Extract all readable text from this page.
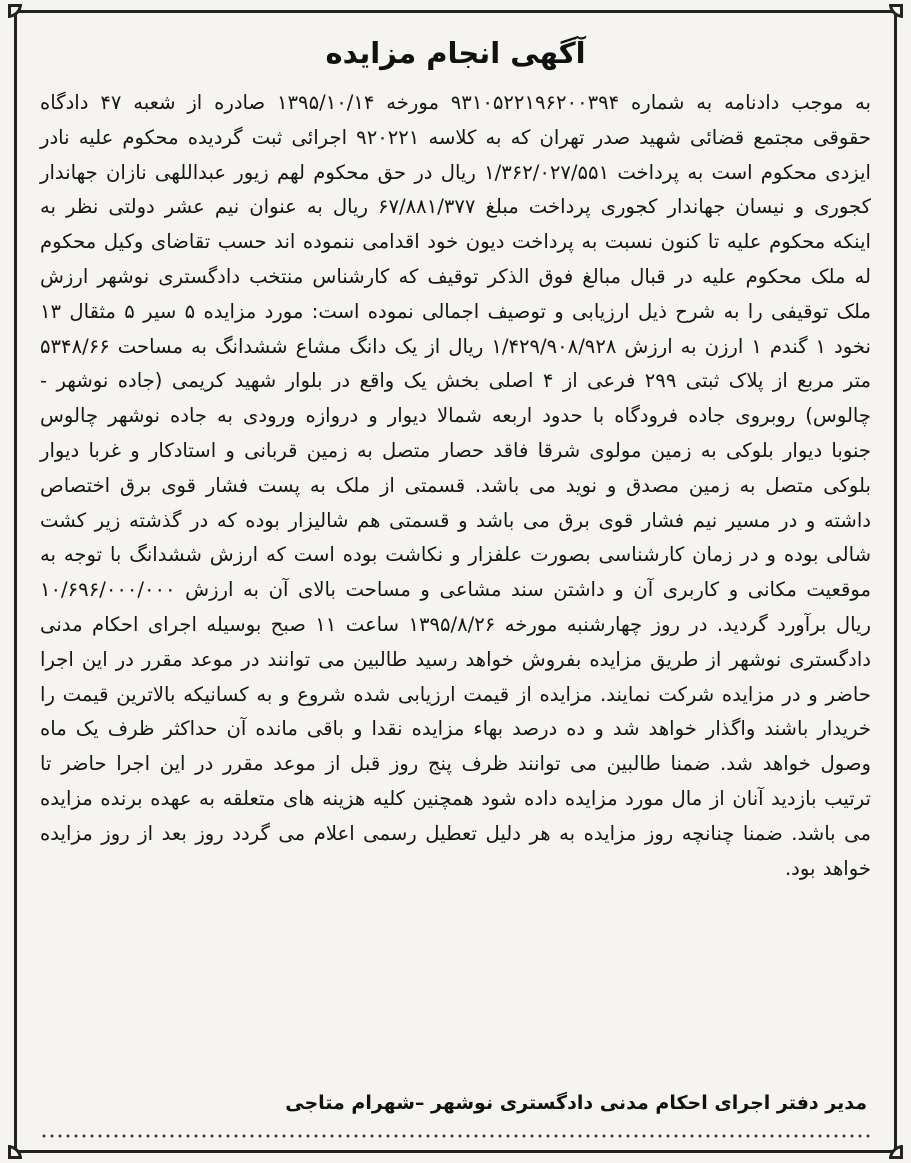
آگهی انجام مزایده

به موجب دادنامه به شماره ۹۳۱۰۵۲۲۱۹۶۲۰۰۳۹۴ مورخه ۱۳۹۵/۱۰/۱۴ صادره از شعبه ۴۷ دادگاه حقوقی مجتمع قضائی شهید صدر تهران که به کلاسه ۹۲۰۲۲۱ اجرائی ثبت گردیده محکوم علیه نادر ایزدی محکوم است به پرداخت ۱/۳۶۲/۰۲۷/۵۵۱ ریال در حق محکوم لهم زیور عبداللهی نازان جهاندار کجوری و نیسان جهاندار کجوری پرداخت مبلغ ۶۷/۸۸۱/۳۷۷ ریال به عنوان نیم عشر دولتی نظر به اینکه محکوم علیه تا کنون نسبت به پرداخت دیون خود اقدامی ننموده اند حسب تقاضای وکیل محکوم له ملک محکوم علیه در قبال مبالغ فوق الذکر توقیف که کارشناس منتخب دادگستری نوشهر ارزش ملک توقیفی را به شرح ذیل ارزیابی و توصیف اجمالی نموده است: مورد مزایده ۵ سیر ۵ مثقال ۱۳ نخود ۱ گندم ۱ ارزن به ارزش ۱/۴۲۹/۹۰۸/۹۲۸ ریال از یک دانگ مشاع ششدانگ به مساحت ۵۳۴۸/۶۶ متر مربع از پلاک ثبتی ۲۹۹ فرعی از ۴ اصلی بخش یک واقع در بلوار شهید کریمی (جاده نوشهر - چالوس) روبروی جاده فرودگاه با حدود اربعه شمالا دیوار و دروازه ورودی به جاده نوشهر چالوس جنوبا دیوار بلوکی به زمین مولوی شرقا فاقد حصار متصل به زمین قربانی و استادکار و غربا دیوار بلوکی متصل به زمین مصدق و نوید می باشد. قسمتی از ملک به پست فشار قوی برق اختصاص داشته و در مسیر نیم فشار قوی برق می باشد و قسمتی هم شالیزار بوده که در گذشته زیر کشت شالی بوده و در زمان کارشناسی بصورت علفزار و نکاشت بوده است که ارزش ششدانگ با توجه به موقعیت مکانی و کاربری آن و داشتن سند مشاعی و مساحت بالای آن به ارزش ۱۰/۶۹۶/۰۰۰/۰۰۰ ریال برآورد گردید. در روز چهارشنبه مورخه ۱۳۹۵/۸/۲۶ ساعت ۱۱ صبح بوسیله اجرای احکام مدنی دادگستری نوشهر از طریق مزایده بفروش خواهد رسید طالبین می توانند در موعد مقرر در این اجرا حاضر و در مزایده شرکت نمایند. مزایده از قیمت ارزیابی شده شروع و به کسانیکه بالاترین قیمت را خریدار باشند واگذار خواهد شد و ده درصد بهاء مزایده نقدا و باقی مانده آن حداکثر ظرف یک ماه وصول خواهد شد. ضمنا طالبین می توانند ظرف پنج روز قبل از موعد مقرر در این اجرا حاضر تا ترتیب بازدید آنان از مال مورد مزایده داده شود همچنین کلیه هزینه های متعلقه به عهده برنده مزایده می باشد. ضمنا چنانچه روز مزایده به هر دلیل تعطیل رسمی اعلام می گردد روز بعد از روز مزایده خواهد بود.

مدیر دفتر اجرای احکام مدنی دادگستری نوشهر –شهرام متاجی
